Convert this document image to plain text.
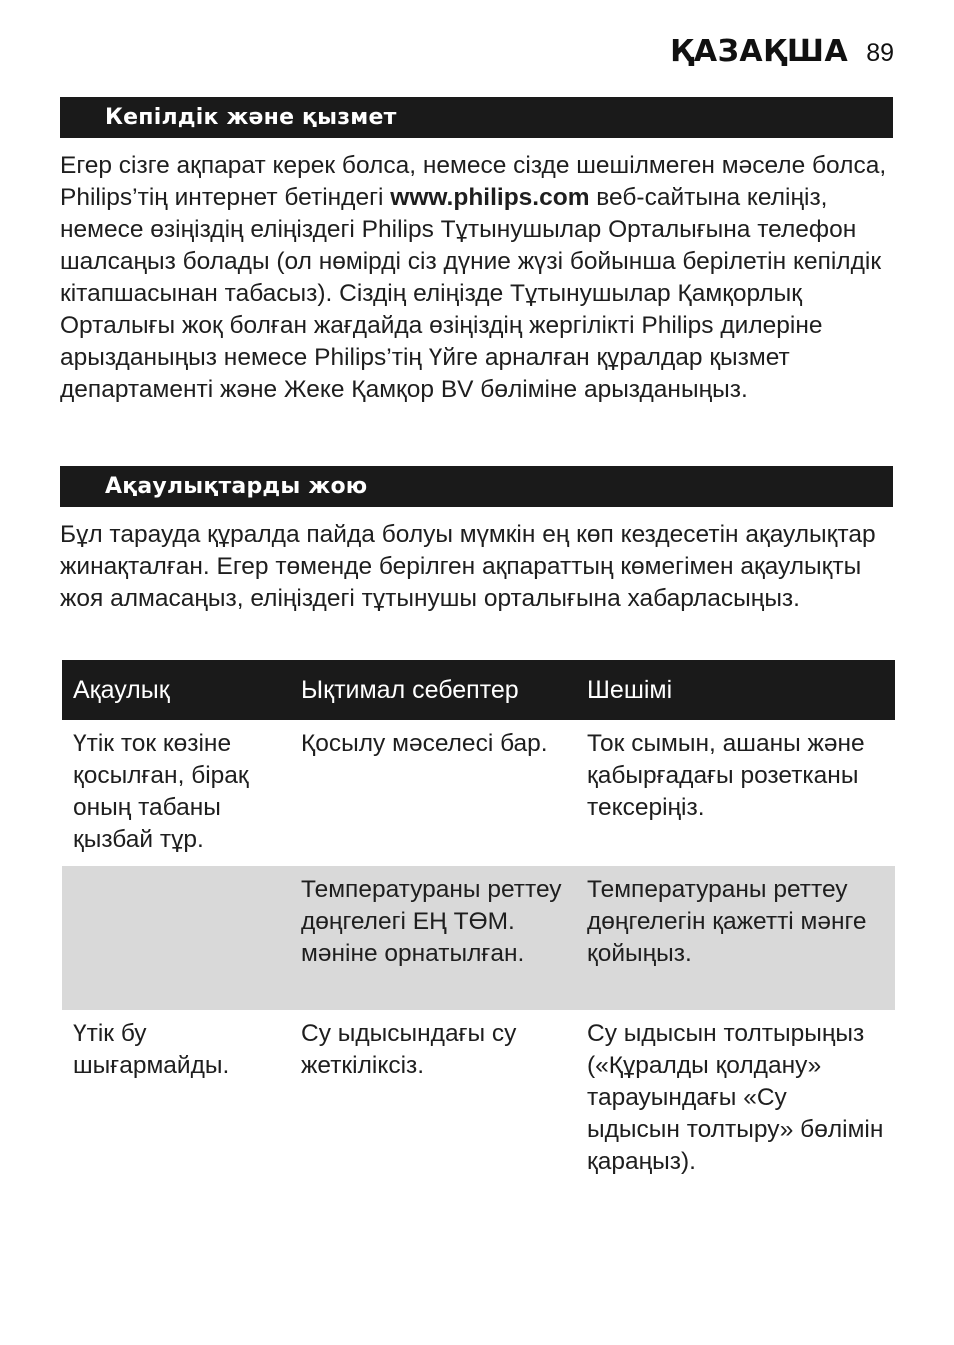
ҚАЗАҚША 89
Кепілдік және қызмет

Егер сізге ақпарат керек болса, немесе сізде шешілмеген мәселе болса, Philips’тің интернет бетіндегі www.philips.com веб-сайтына келіңіз, немесе өзіңіздің еліңіздегі Philips Тұтынушылар Орталығына телефон шалсаңыз болады (ол нөмірді сіз дүние жүзі бойынша берілетін кепілдік кітапшасынан табасыз). Сіздің еліңізде Тұтынушылар Қамқорлық Орталығы жоқ болған жағдайда өзіңіздің жергілікті Philips дилеріне арызданыңыз немесе Philips’тің Үйге арналған құралдар қызмет департаменті және Жеке Қамқор BV бөліміне арызданыңыз.

Ақаулықтарды жою

Бұл тарауда құралда пайда болуы мүмкін ең көп кездесетін ақаулықтар жинақталған. Егер төменде берілген ақпараттың көмегімен ақаулықты жоя алмасаңыз, еліңіздегі тұтынушы орталығына хабарласыңыз.

Ақаулық	Ықтимал себептер	Шешімі
Үтік ток көзіне қосылған, бірақ оның табаны қызбай тұр.	Қосылу мәселесі бар.	Ток сымын, ашаны және қабырғадағы розетканы тексеріңіз.
	Температураны реттеу дөңгелегі ЕҢ ТӨМ. мәніне орнатылған.	Температураны реттеу дөңгелегін қажетті мәнге қойыңыз.
Үтік бу шығармайды.	Су ыдысындағы су жеткіліксіз.	Су ыдысын толтырыңыз («Құралды қолдану» тарауындағы «Су ыдысын толтыру» бөлімін қараңыз).
